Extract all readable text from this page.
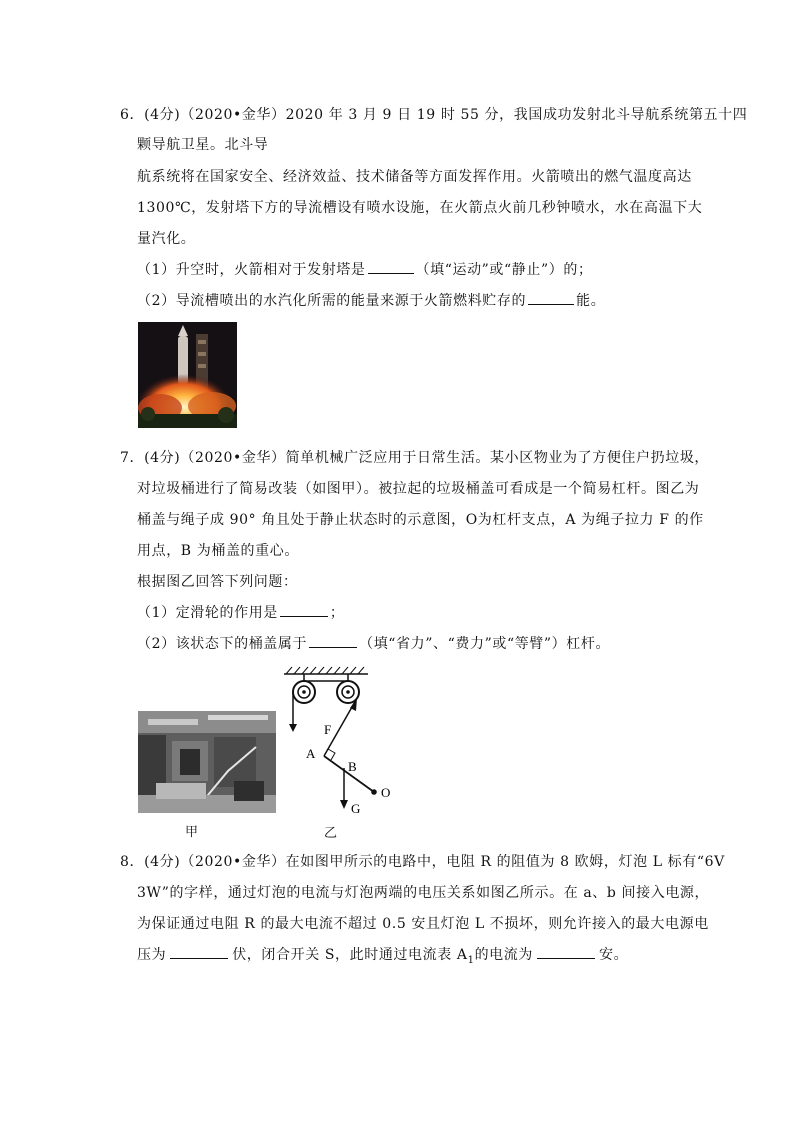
6．(4分)（2020•金华）2020 年 3 月 9 日 19 时 55 分，我国成功发射北斗导航系统第五十四
颗导航卫星。北斗导
航系统将在国家安全、经济效益、技术储备等方面发挥作用。火箭喷出的燃气温度高达
1300℃，发射塔下方的导流槽设有喷水设施，在火箭点火前几秒钟喷水，水在高温下大
量汽化。
（1）升空时，火箭相对于发射塔是	（填“运动”或“静止”）的；
（2）导流槽喷出的水汽化所需的能量来源于火箭燃料贮存的	能。
7．(4分)（2020•金华）简单机械广泛应用于日常生活。某小区物业为了方便住户扔垃圾，
对垃圾桶进行了简易改装（如图甲）。被拉起的垃圾桶盖可看成是一个简易杠杆。图乙为
桶盖与绳子成 90° 角且处于静止状态时的示意图，O为杠杆支点，A 为绳子拉力 F 的作
用点，B 为桶盖的重心。
根据图乙回答下列问题：
（1）定滑轮的作用是	；
（2）该状态下的桶盖属于	（填“省力”、“费力”或“等臂”）杠杆。
甲
F
A
B
G
O
乙
8．(4分)（2020•金华）在如图甲所示的电路中，电阻 R 的阻值为 8 欧姆，灯泡 L 标有“6V
3W”的字样，通过灯泡的电流与灯泡两端的电压关系如图乙所示。在 a、b 间接入电源，
为保证通过电阻 R 的最大电流不超过 0.5 安且灯泡 L 不损坏，则允许接入的最大电源电
压为	伏，闭合开关 S，此时通过电流表 $A_1$的电流为	安。
